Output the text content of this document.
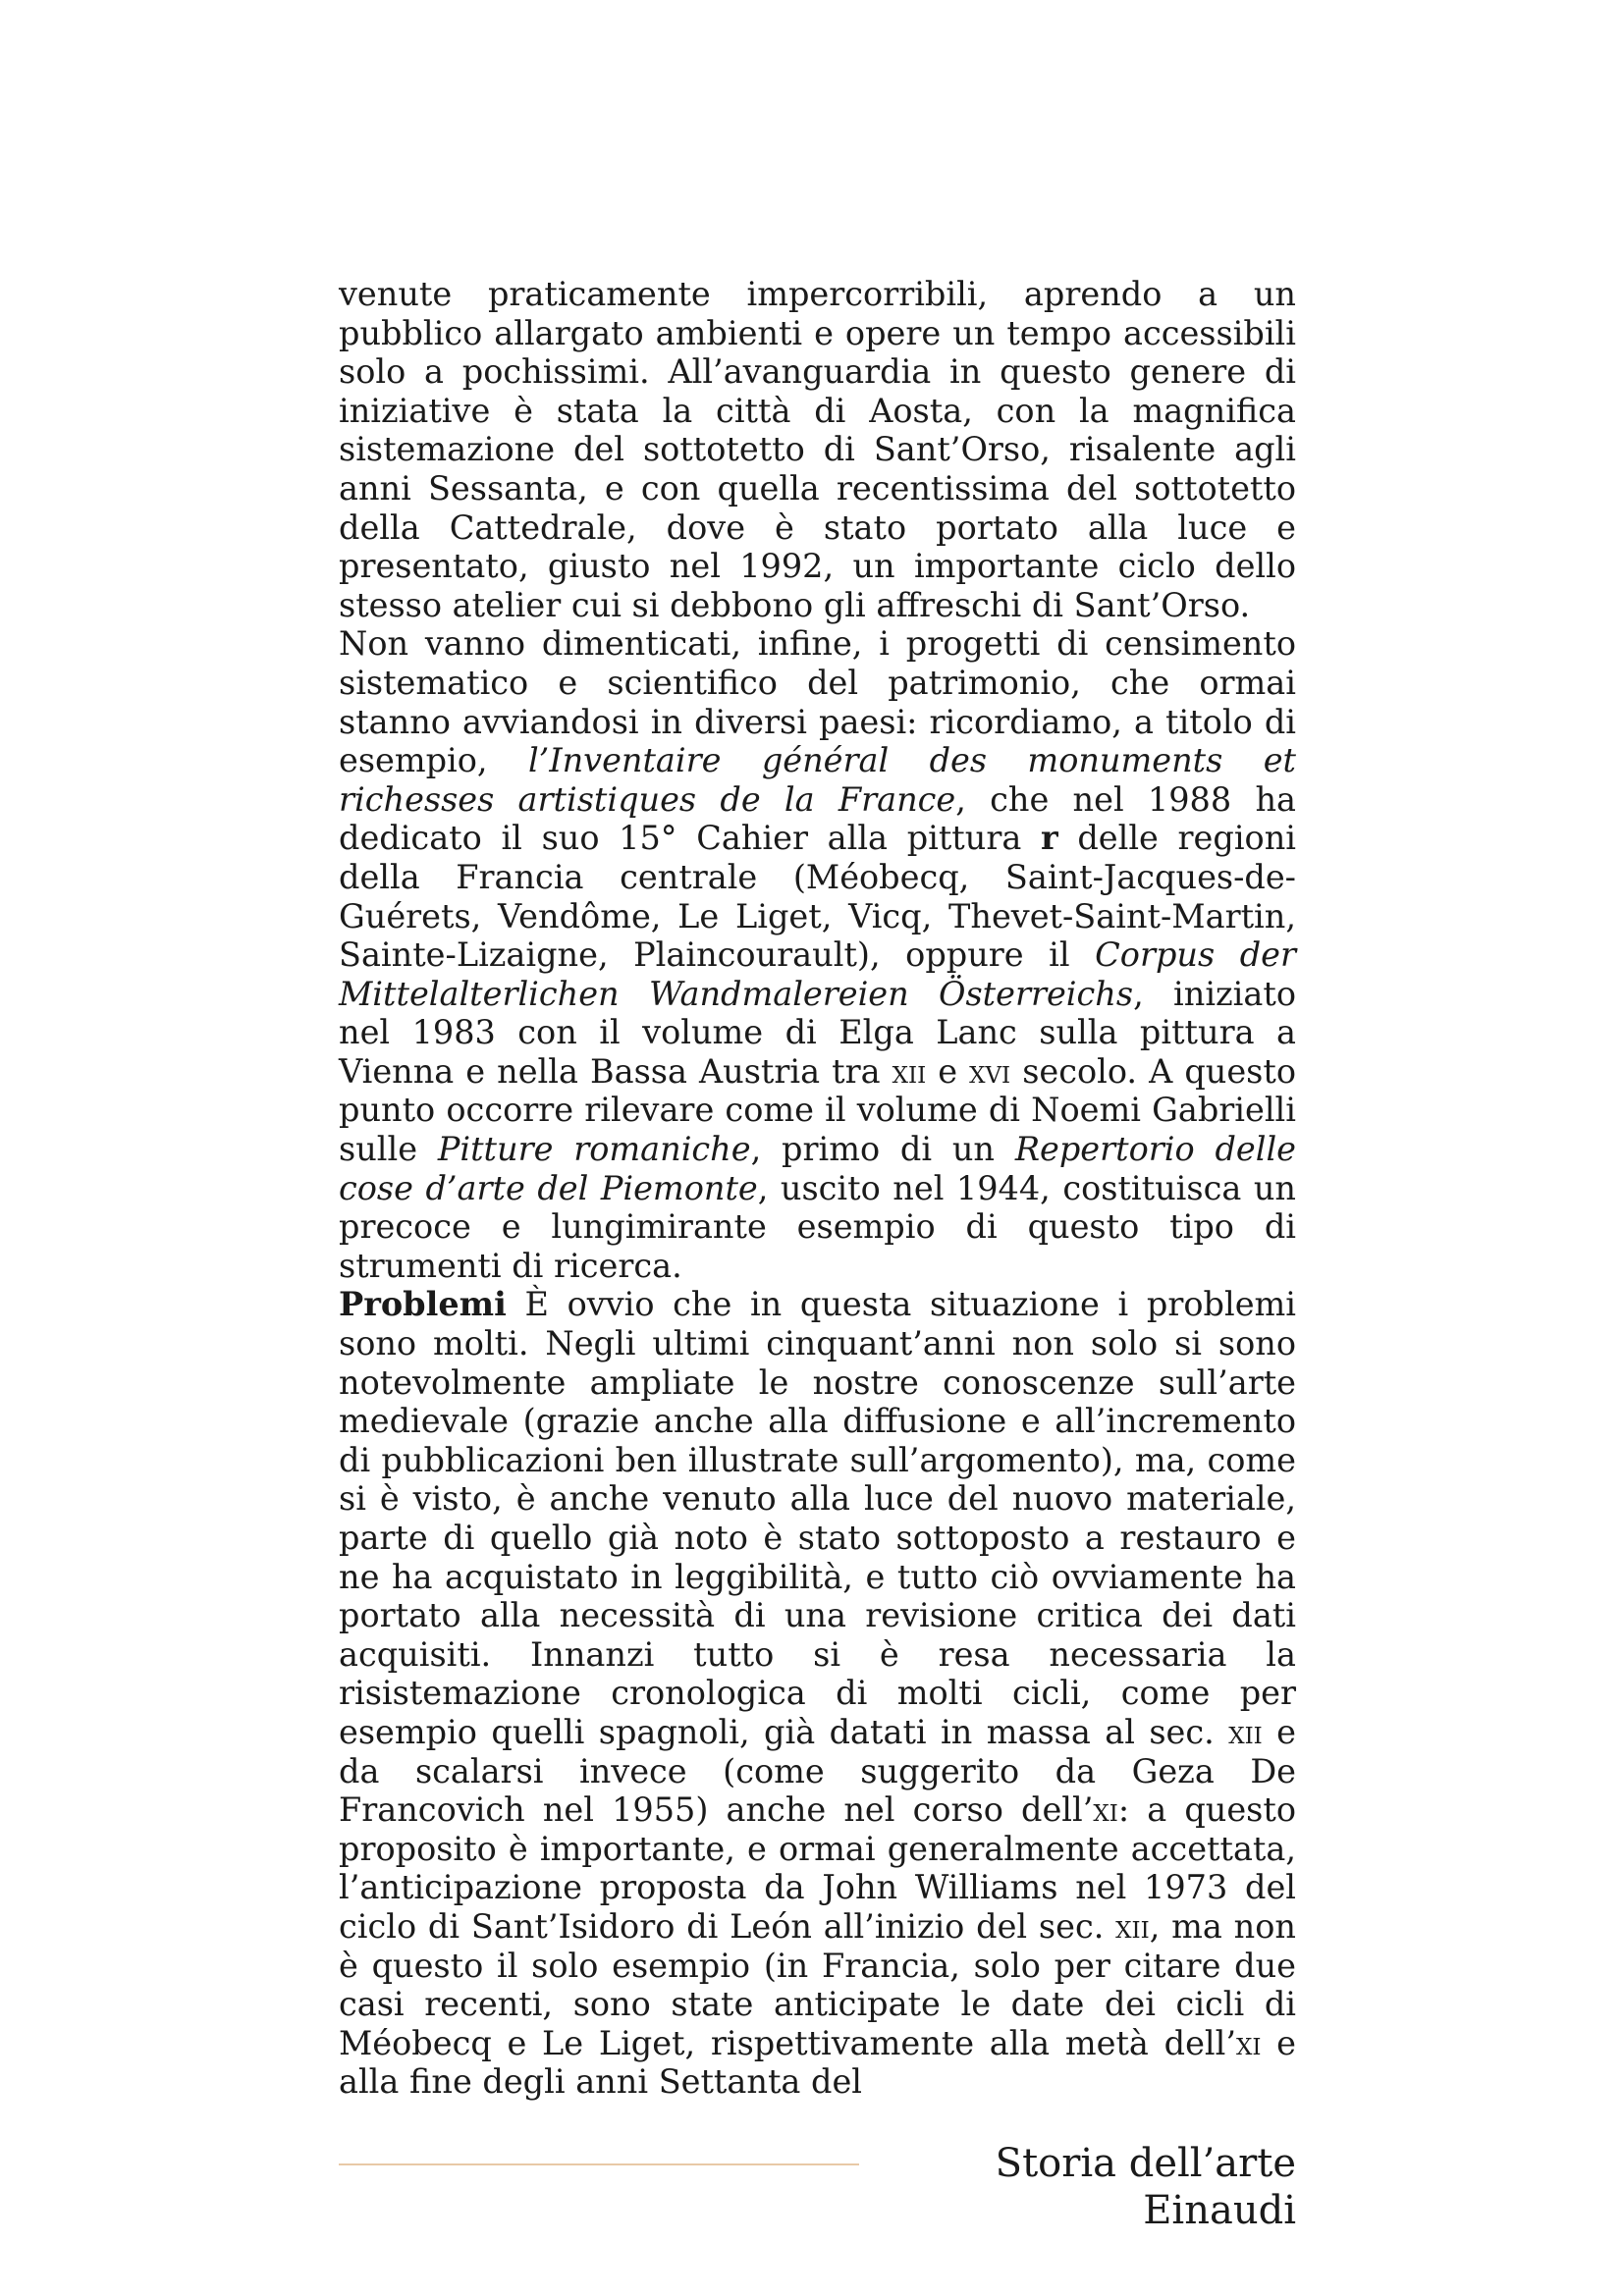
venute praticamente impercorribili, aprendo a un pubblico allargato ambienti e opere un tempo accessibili solo a pochissimi. All’avanguardia in questo genere di iniziative è stata la città di Aosta, con la magnifica sistemazione del sottotetto di Sant’Orso, risalente agli anni Sessanta, e con quella recentissima del sottotetto della Cattedrale, dove è stato portato alla luce e presentato, giusto nel 1992, un importante ciclo dello stesso atelier cui si debbono gli affreschi di Sant’Orso.

Non vanno dimenticati, infine, i progetti di censimento sistematico e scientifico del patrimonio, che ormai stanno avviandosi in diversi paesi: ricordiamo, a titolo di esempio, l’Inventaire général des monuments et richesses artistiques de la France, che nel 1988 ha dedicato il suo 15° Cahier alla pittura r delle regioni della Francia centrale (Méobecq, Saint-Jacques-de-Guérets, Vendôme, Le Liget, Vicq, Thevet-Saint-Martin, Sainte-Lizaigne, Plaincourault), oppure il Corpus der Mittelalterlichen Wandmalereien Österreichs, iniziato nel 1983 con il volume di Elga Lanc sulla pittura a Vienna e nella Bassa Austria tra xii e xvi secolo. A questo punto occorre rilevare come il volume di Noemi Gabrielli sulle Pitture romaniche, primo di un Repertorio delle cose d’arte del Piemonte, uscito nel 1944, costituisca un precoce e lungimirante esempio di questo tipo di strumenti di ricerca.

Problemi È ovvio che in questa situazione i problemi sono molti. Negli ultimi cinquant’anni non solo si sono notevolmente ampliate le nostre conoscenze sull’arte medievale (grazie anche alla diffusione e all’incremento di pubblicazioni ben illustrate sull’argomento), ma, come si è visto, è anche venuto alla luce del nuovo materiale, parte di quello già noto è stato sottoposto a restauro e ne ha acquistato in leggibilità, e tutto ciò ovviamente ha portato alla necessità di una revisione critica dei dati acquisiti. Innanzi tutto si è resa necessaria la risistemazione cronologica di molti cicli, come per esempio quelli spagnoli, già datati in massa al sec. xii e da scalarsi invece (come suggerito da Geza De Francovich nel 1955) anche nel corso dell’xi: a questo proposito è importante, e ormai generalmente accettata, l’anticipazione proposta da John Williams nel 1973 del ciclo di Sant’Isidoro di León all’inizio del sec. xii, ma non è questo il solo esempio (in Francia, solo per citare due casi recenti, sono state anticipate le date dei cicli di Méobecq e Le Liget, rispettivamente alla metà dell’xi e alla fine degli anni Settanta del

Storia dell’arte Einaudi
